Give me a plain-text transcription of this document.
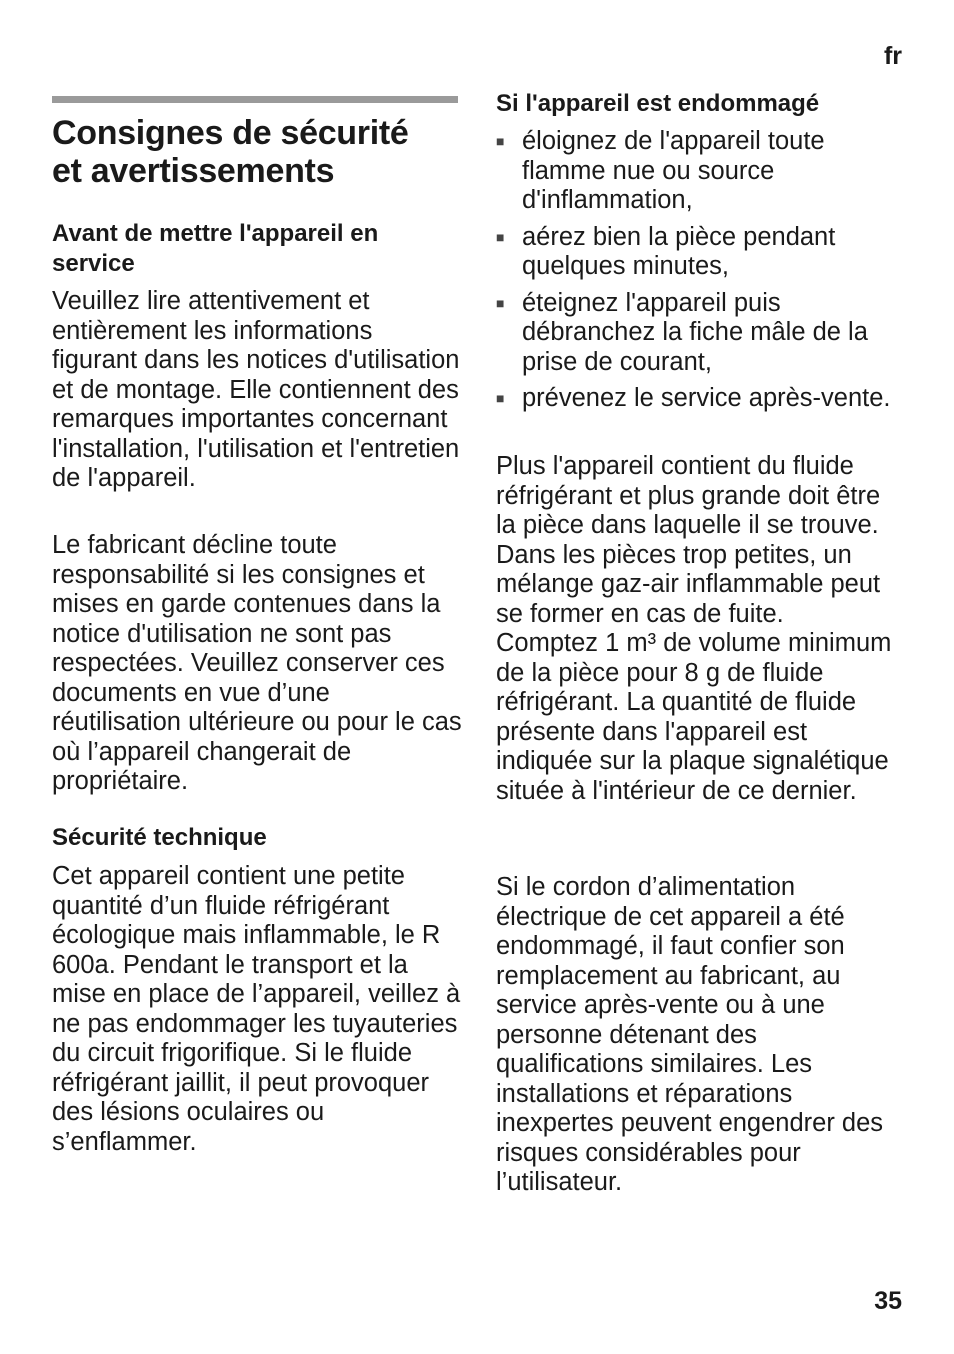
fr
Consignes de sécurité
et avertissements
Avant de mettre l'appareil en service

Veuillez lire attentivement et entièrement les informations figurant dans les notices d'utilisation et de montage. Elle contiennent des remarques importantes concernant l'installation, l'utilisation et l'entretien de l'appareil.

Le fabricant décline toute responsabilité si les consignes et mises en garde contenues dans la notice d'utilisation ne sont pas respectées. Veuillez conserver ces documents en vue d’une réutilisation ultérieure ou pour le cas où l’appareil changerait de propriétaire.

Sécurité technique

Cet appareil contient une petite quantité d’un fluide réfrigérant écologique mais inflammable, le R 600a. Pendant le transport et la mise en place de l’appareil, veillez à ne pas endommager les tuyauteries du circuit frigorifique. Si le fluide réfrigérant jaillit, il peut provoquer des lésions oculaires ou s’enflammer.

Si l'appareil est endommagé
■ éloignez de l'appareil toute flamme nue ou source d'inflammation,
■ aérez bien la pièce pendant quelques minutes,
■ éteignez l'appareil puis débranchez la fiche mâle de la prise de courant,
■ prévenez le service après-vente.

Plus l'appareil contient du fluide réfrigérant et plus grande doit être la pièce dans laquelle il se trouve. Dans les pièces trop petites, un mélange gaz-air inflammable peut se former en cas de fuite.

Comptez 1 m³ de volume minimum de la pièce pour 8 g de fluide réfrigérant. La quantité de fluide présente dans l'appareil est indiquée sur la plaque signalétique située à l'intérieur de ce dernier.

Si le cordon d’alimentation électrique de cet appareil a été endommagé, il faut confier son remplacement au fabricant, au service après-vente ou à une personne détenant des qualifications similaires. Les installations et réparations inexpertes peuvent engendrer des risques considérables pour l’utilisateur.

35
